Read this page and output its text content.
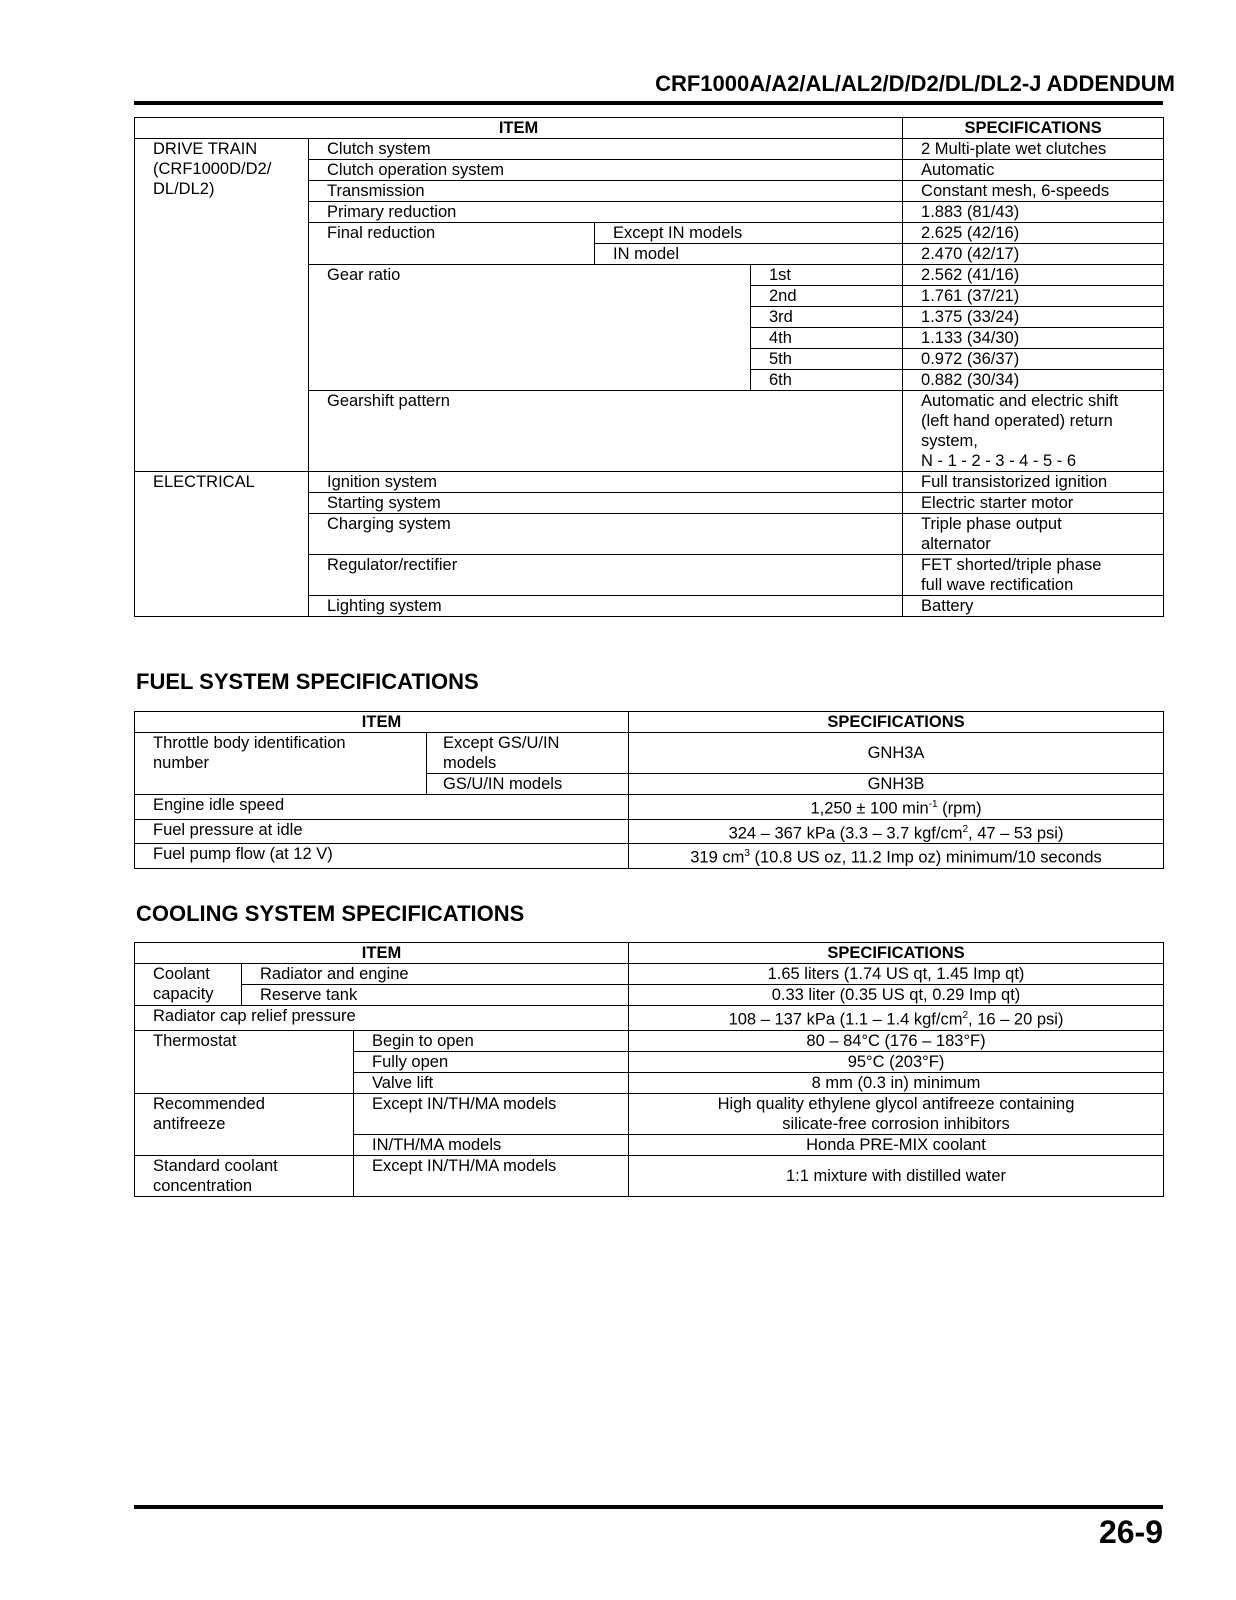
CRF1000A/A2/AL/AL2/D/D2/DL/DL2-J ADDENDUM
ITEM				SPECIFICATIONS

DRIVE TRAIN
(CRF1000D/D2/
DL/DL2)	Clutch system			2 Multi-plate wet clutches
	Clutch operation system			Automatic
	Transmission			Constant mesh, 6-speeds
	Primary reduction			1.883 (81/43)
	Final reduction	Except IN models		2.625 (42/16)
		IN model		2.470 (42/17)
	Gear ratio		1st	2.562 (41/16)
			2nd	1.761 (37/21)
			3rd	1.375 (33/24)
			4th	1.133 (34/30)
			5th	0.972 (36/37)
			6th	0.882 (30/34)
	Gearshift pattern			Automatic and electric shift
(left hand operated) return
system,
N - 1 - 2 - 3 - 4 - 5 - 6

ELECTRICAL	Ignition system			Full transistorized ignition
	Starting system			Electric starter motor
	Charging system			Triple phase output
alternator

	Regulator/rectifier			FET shorted/triple phase
full wave rectification

	Lighting system			Battery
FUEL SYSTEM SPECIFICATIONS
ITEM		SPECIFICATIONS

Throttle body identification
number	Except GS/U/IN
models	GNH3A
	GS/U/IN models	GNH3B
Engine idle speed		1,250 ± 100 $\min^{-1} (rpm)$
Fuel pressure at idle		324 – 367 kPa (3.3 – 3.7 kgf/$cm^2$, 47 – 53 psi)
Fuel pump flow (at 12 V)		319 $cm^3$ (10.8 US oz, 11.2 Imp oz) minimum/10 seconds
COOLING SYSTEM SPECIFICATIONS
ITEM			SPECIFICATIONS

Coolant
capacity	Radiator and engine		1.65 liters (1.74 US qt, 1.45 Imp qt)
	Reserve tank		0.33 liter (0.35 US qt, 0.29 Imp qt)
Radiator cap relief pressure			108 – 137 kPa (1.1 – 1.4 kgf/$cm^2$, 16 – 20 psi)
Thermostat		Begin to open	80 – 84°C (176 – 183°F)
		Fully open	95°C (203°F)
		Valve lift	8 mm (0.3 in) minimum

Recommended
antifreeze		Except IN/TH/MA models	High quality ethylene glycol antifreeze containing
silicate-free corrosion inhibitors

		IN/TH/MA models	Honda PRE-MIX coolant

Standard coolant
concentration		Except IN/TH/MA models	1:1 mixture with distilled water
26-9
